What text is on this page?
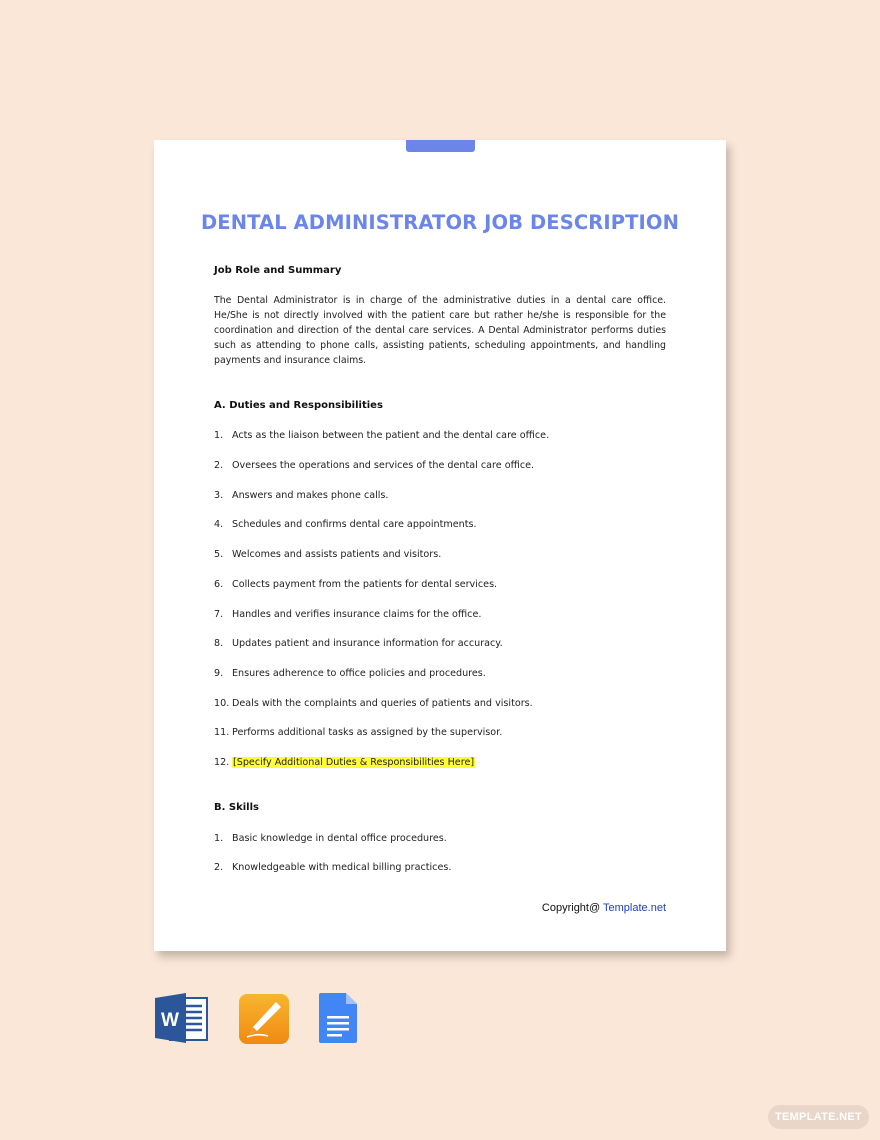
DENTAL ADMINISTRATOR JOB DESCRIPTION
Job Role and Summary

The Dental Administrator is in charge of the administrative duties in a dental care office. He/She is not directly involved with the patient care but rather he/she is responsible for the coordination and direction of the dental care services. A Dental Administrator performs duties such as attending to phone calls, assisting patients, scheduling appointments, and handling payments and insurance claims.

A. Duties and Responsibilities
1. Acts as the liaison between the patient and the dental care office.
2. Oversees the operations and services of the dental care office.
3. Answers and makes phone calls.
4. Schedules and confirms dental care appointments.
5. Welcomes and assists patients and visitors.
6. Collects payment from the patients for dental services.
7. Handles and verifies insurance claims for the office.
8. Updates patient and insurance information for accuracy.
9. Ensures adherence to office policies and procedures.
10. Deals with the complaints and queries of patients and visitors.
11. Performs additional tasks as assigned by the supervisor.
12. [Specify Additional Duties & Responsibilities Here]
B. Skills
1. Basic knowledge in dental office procedures.
2. Knowledgeable with medical billing practices.
Copyright@ Template.net
W
TEMPLATE.NET
